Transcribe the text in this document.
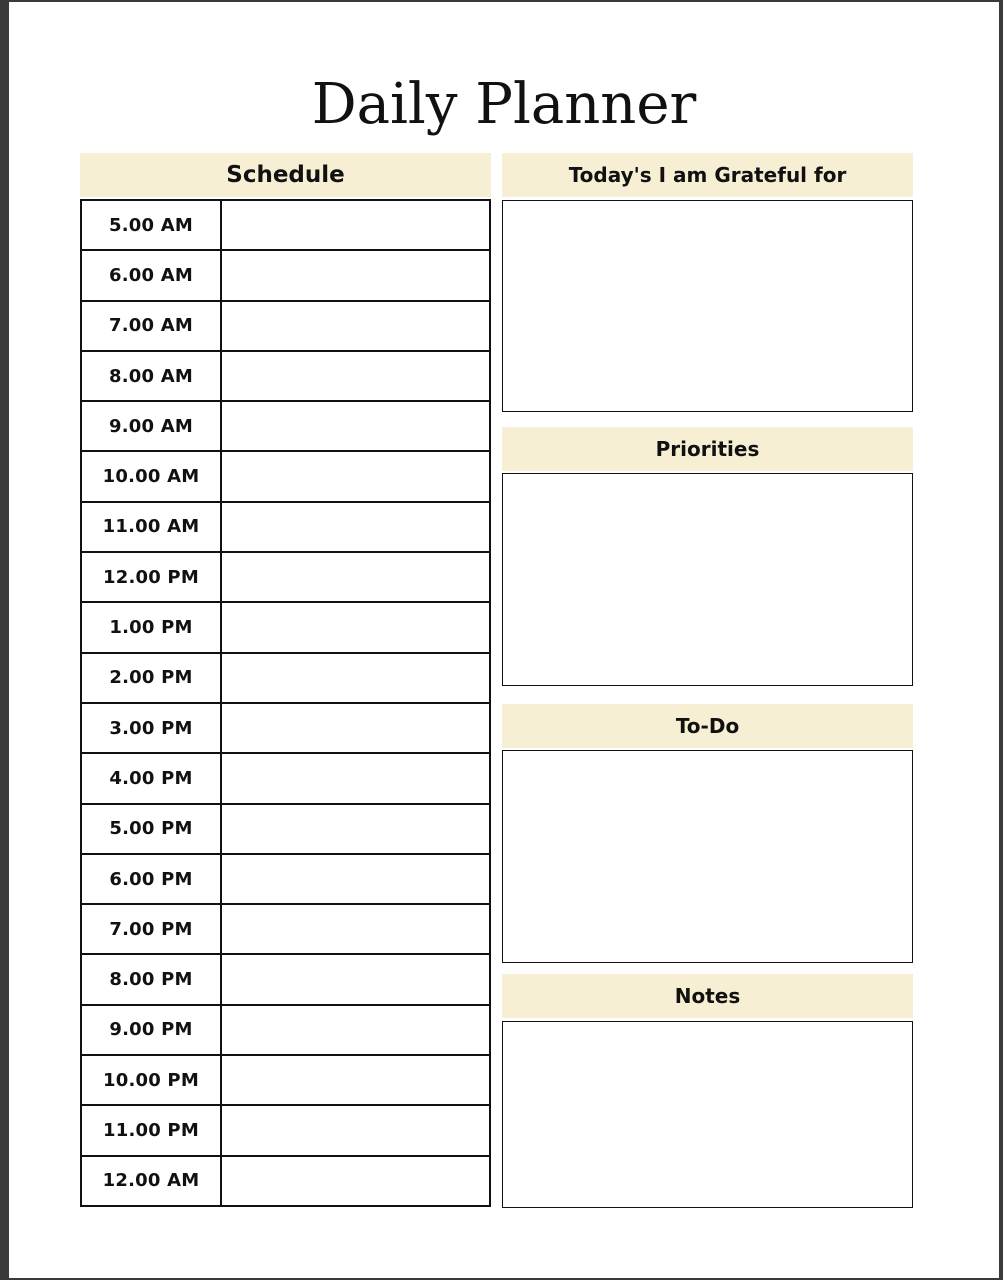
Daily Planner
Schedule
5.00 AM
6.00 AM
7.00 AM
8.00 AM
9.00 AM
10.00 AM
11.00 AM
12.00 PM
1.00 PM
2.00 PM
3.00 PM
4.00 PM
5.00 PM
6.00 PM
7.00 PM
8.00 PM
9.00 PM
10.00 PM
11.00 PM
12.00 AM
Today's I am Grateful for
Priorities
To-Do
Notes
